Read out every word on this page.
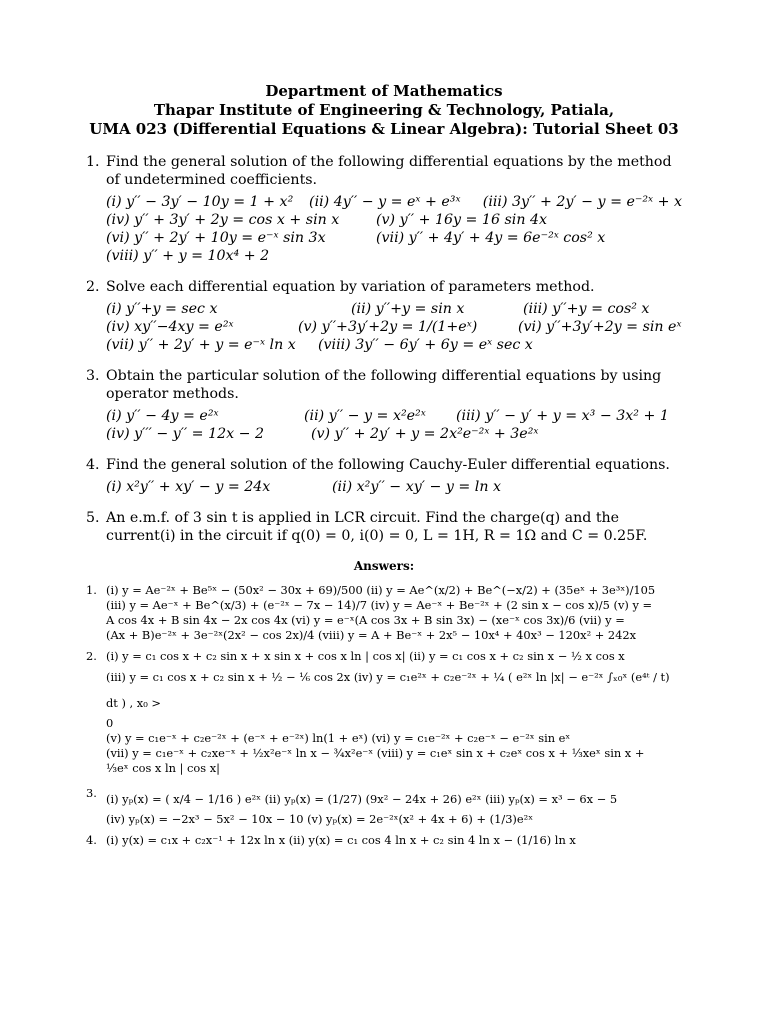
Department of Mathematics
Thapar Institute of Engineering & Technology, Patiala,
UMA 023 (Differential Equations & Linear Algebra): Tutorial Sheet 03
1. Find the general solution of the following differential equations by the method of undetermined coefficients.
(i) y′′ − 3y′ − 10y = 1 + x²	(ii) 4y′′ − y = eˣ + e³ˣ	(iii) 3y′′ + 2y′ − y = e⁻²ˣ + x
(iv) y′′ + 3y′ + 2y = cos x + sin x	(v) y′′ + 16y = 16 sin 4x
(vi) y′′ + 2y′ + 10y = e⁻ˣ sin 3x	(vii) y′′ + 4y′ + 4y = 6e⁻²ˣ cos² x
(viii) y′′ + y = 10x⁴ + 2
2. Solve each differential equation by variation of parameters method.
(i) y′′+y = sec x	(ii) y′′+y = sin x	(iii) y′′+y = cos² x
(iv) xy′′−4xy = e²ˣ	(v) y′′+3y′+2y = 1/(1+eˣ)	(vi) y′′+3y′+2y = sin eˣ
(vii) y′′ + 2y′ + y = e⁻ˣ ln x	(viii) 3y′′ − 6y′ + 6y = eˣ sec x
3. Obtain the particular solution of the following differential equations by using operator methods.
(i) y′′ − 4y = e²ˣ	(ii) y′′ − y = x²e²ˣ	(iii) y′′ − y′ + y = x³ − 3x² + 1
(iv) y′′′ − y′′ = 12x − 2	(v) y′′ + 2y′ + y = 2x²e⁻²ˣ + 3e²ˣ
4. Find the general solution of the following Cauchy-Euler differential equations.
(i) x²y′′ + xy′ − y = 24x	(ii) x²y′′ − xy′ − y = ln x
5. An e.m.f. of 3 sin t is applied in LCR circuit. Find the charge(q) and the current(i) in the circuit if q(0) = 0, i(0) = 0, L = 1H, R = 1Ω and C = 0.25F.
Answers:
1. (i) y = Ae⁻²ˣ + Be⁵ˣ − (50x² − 30x + 69)/500 (ii) y = Ae^(x/2) + Be^(−x/2) + (35eˣ + 3e³ˣ)/105
(iii) y = Ae⁻ˣ + Be^(x/3) + (e⁻²ˣ − 7x − 14)/7 (iv) y = Ae⁻ˣ + Be⁻²ˣ + (2 sin x − cos x)/5 (v) y =
A cos 4x + B sin 4x − 2x cos 4x (vi) y = e⁻ˣ(A cos 3x + B sin 3x) − (xe⁻ˣ cos 3x)/6 (vii) y =
(Ax + B)e⁻²ˣ + 3e⁻²ˣ(2x² − cos 2x)/4 (viii) y = A + Be⁻ˣ + 2x⁵ − 10x⁴ + 40x³ − 120x² + 242x
2. (i) y = c₁ cos x + c₂ sin x + x sin x + cos x ln | cos x| (ii) y = c₁ cos x + c₂ sin x − ½ x cos x
(iii) y = c₁ cos x + c₂ sin x + ½ − ⅙ cos 2x (iv) y = c₁e²ˣ + c₂e⁻²ˣ + ¼ ( e²ˣ ln |x| − e⁻²ˣ ∫ₓ₀ˣ (e⁴ᵗ / t) dt ) , x₀ >
0
(v) y = c₁e⁻ˣ + c₂e⁻²ˣ + (e⁻ˣ + e⁻²ˣ) ln(1 + eˣ) (vi) y = c₁e⁻²ˣ + c₂e⁻ˣ − e⁻²ˣ sin eˣ
(vii) y = c₁e⁻ˣ + c₂xe⁻ˣ + ½x²e⁻ˣ ln x − ¾x²e⁻ˣ (viii) y = c₁eˣ sin x + c₂eˣ cos x + ⅓xeˣ sin x +
⅓eˣ cos x ln | cos x|
3. (i) yₚ(x) = ( x/4 − 1/16 ) e²ˣ (ii) yₚ(x) = (1/27) (9x² − 24x + 26) e²ˣ (iii) yₚ(x) = x³ − 6x − 5
(iv) yₚ(x) = −2x³ − 5x² − 10x − 10 (v) yₚ(x) = 2e⁻²ˣ(x² + 4x + 6) + (1/3)e²ˣ
4. (i) y(x) = c₁x + c₂x⁻¹ + 12x ln x (ii) y(x) = c₁ cos 4 ln x + c₂ sin 4 ln x − (1/16) ln x
